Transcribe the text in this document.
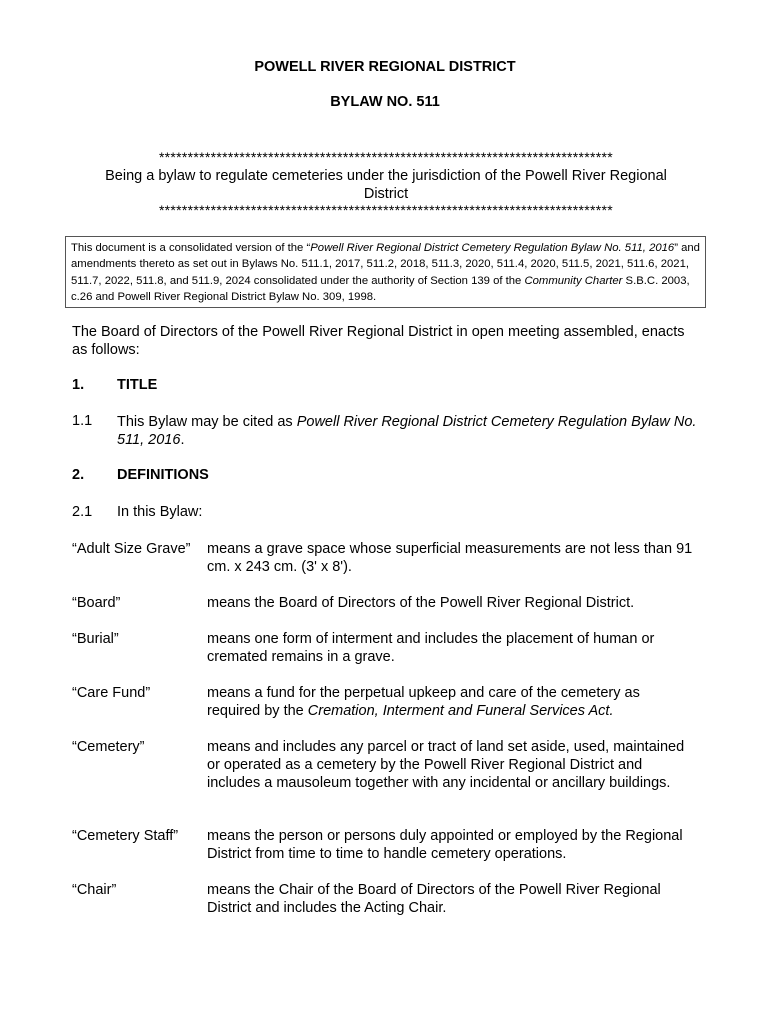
POWELL RIVER REGIONAL DISTRICT
BYLAW NO. 511
*******************************************************************************
Being a bylaw to regulate cemeteries under the jurisdiction of the Powell River Regional District
*******************************************************************************
This document is a consolidated version of the “Powell River Regional District Cemetery Regulation Bylaw No. 511, 2016” and amendments thereto as set out in Bylaws No. 511.1, 2017, 511.2, 2018, 511.3, 2020, 511.4, 2020, 511.5, 2021, 511.6, 2021, 511.7, 2022, 511.8, and 511.9, 2024 consolidated under the authority of Section 139 of the Community Charter S.B.C. 2003, c.26 and Powell River Regional District Bylaw No. 309, 1998.
The Board of Directors of the Powell River Regional District in open meeting assembled, enacts as follows:
1. TITLE
1.1 This Bylaw may be cited as Powell River Regional District Cemetery Regulation Bylaw No. 511, 2016.
2. DEFINITIONS
2.1 In this Bylaw:
“Adult Size Grave” means a grave space whose superficial measurements are not less than 91 cm. x 243 cm. (3' x 8').
“Board”	means the Board of Directors of the Powell River Regional District.
“Burial”	means one form of interment and includes the placement of human or cremated remains in a grave.
“Care Fund”	means a fund for the perpetual upkeep and care of the cemetery as required by the Cremation, Interment and Funeral Services Act.
“Cemetery”	means and includes any parcel or tract of land set aside, used, maintained or operated as a cemetery by the Powell River Regional District and includes a mausoleum together with any incidental or ancillary buildings.
“Cemetery Staff” means the person or persons duly appointed or employed by the Regional District from time to time to handle cemetery operations.
“Chair”	means the Chair of the Board of Directors of the Powell River Regional District and includes the Acting Chair.
